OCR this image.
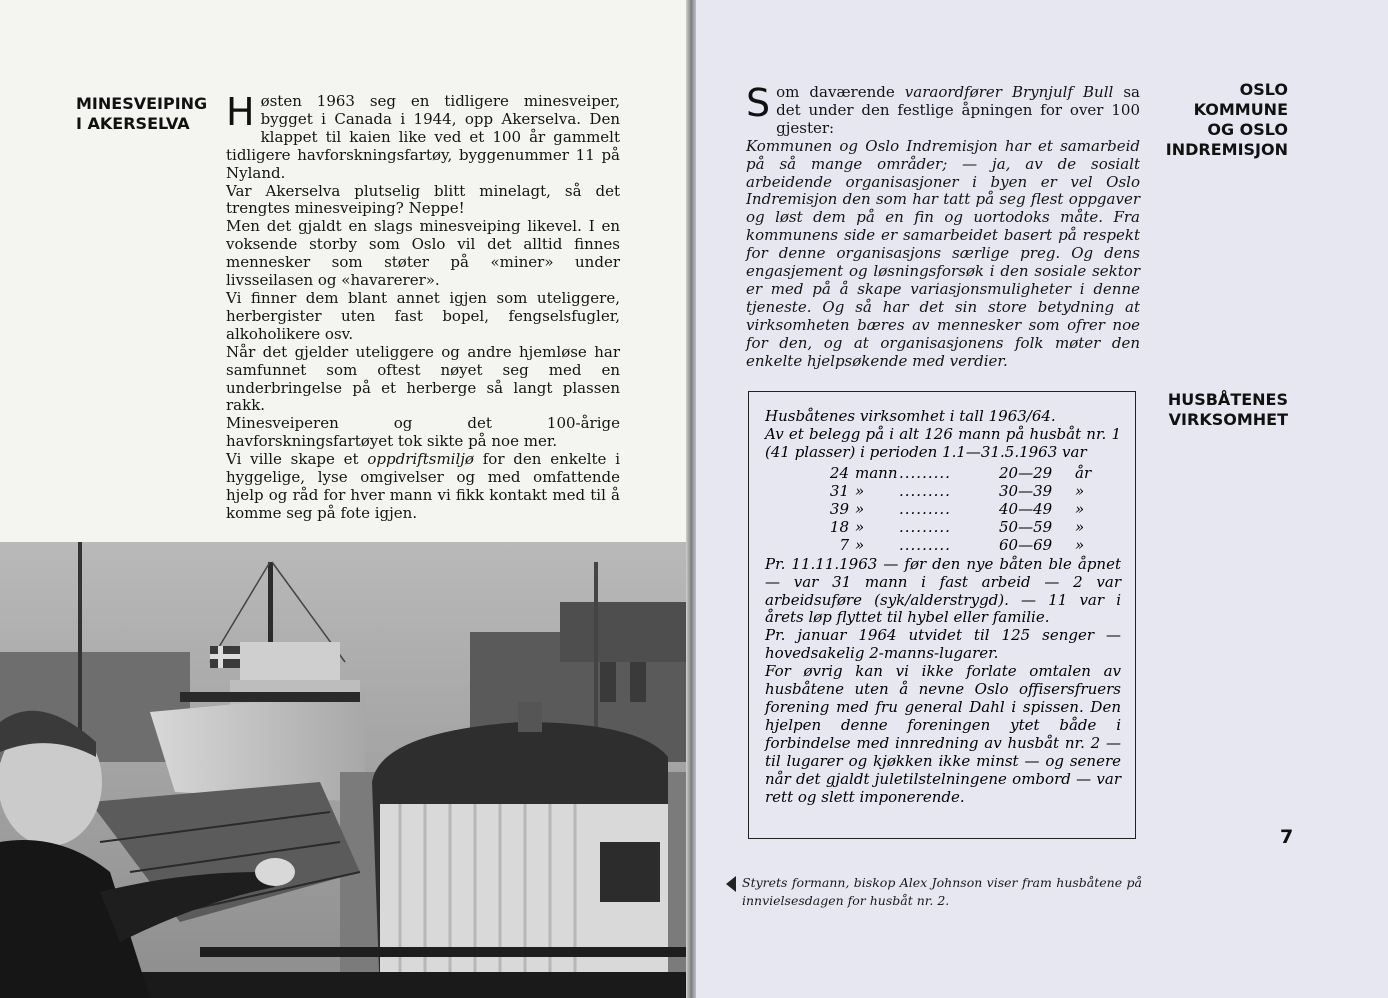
MINESVEIPING
I AKERSELVA Høsten 1963 seg en tidligere minesveiper, bygget i Canada i 1944, opp Akerselva. Den klappet til kaien like ved et 100 år gammelt tidligere havforskningsfartøy, byggenummer 11 på Nyland.

Var Akerselva plutselig blitt minelagt, så det trengtes minesveiping? Neppe!

Men det gjaldt en slags minesveiping likevel. I en voksende storby som Oslo vil det alltid finnes mennesker som støter på «miner» under livsseilasen og «havarerer».

Vi finner dem blant annet igjen som uteliggere, herbergister uten fast bopel, fengselsfugler, alkoholikere osv.

Når det gjelder uteliggere og andre hjemløse har samfunnet som oftest nøyet seg med en underbringelse på et herberge så langt plassen rakk.

Minesveiperen og det 100-årige havforskningsfartøyet tok sikte på noe mer.

Vi ville skape et oppdriftsmiljø for den enkelte i hyggelige, lyse omgivelser og med omfattende hjelp og råd for hver mann vi fikk kontakt med til å komme seg på fote igjen.

OSLO
KOMMUNE
OG OSLO
INDREMISJON
HUSBÅTENES
VIRKSOMHET

Som daværende varaordfører Brynjulf Bull sa det under den festlige åpningen for over 100 gjester:

Kommunen og Oslo Indremisjon har et samarbeid på så mange områder; — ja, av de sosialt arbeidende organisasjoner i byen er vel Oslo Indremisjon den som har tatt på seg flest oppgaver og løst dem på en fin og uortodoks måte. Fra kommunens side er samarbeidet basert på respekt for denne organisasjons særlige preg. Og dens engasjement og løsningsforsøk i den sosiale sektor er med på å skape variasjonsmuligheter i denne tjeneste. Og så har det sin store betydning at virksomheten bæres av mennesker som ofrer noe for den, og at organisasjonens folk møter den enkelte hjelpsøkende med verdier.

Husbåtenes virksomhet i tall 1963/64.

Av et belegg på i alt 126 mann på husbåt nr. 1 (41 plasser) i perioden 1.1—31.5.1963 var

24	mann	.........	20—29	år
31	»	.........	30—39	»
39	»	.........	40—49	»
18	»	.........	50—59	»
7	»	.........	60—69	»

Pr. 11.11.1963 — før den nye båten ble åpnet — var 31 mann i fast arbeid — 2 var arbeidsuføre (syk/alderstrygd). — 11 var i årets løp flyttet til hybel eller familie.

Pr. januar 1964 utvidet til 125 senger — hovedsakelig 2-manns-lugarer.

For øvrig kan vi ikke forlate omtalen av husbåtene uten å nevne Oslo offisersfruers forening med fru general Dahl i spissen. Den hjelpen denne foreningen ytet både i forbindelse med innredning av husbåt nr. 2 — til lugarer og kjøkken ikke minst — og senere når det gjaldt juletilstelningene ombord — var rett og slett imponerende.

Styrets formann, biskop Alex Johnson viser fram husbåtene på innvielsesdagen for husbåt nr. 2.
7
